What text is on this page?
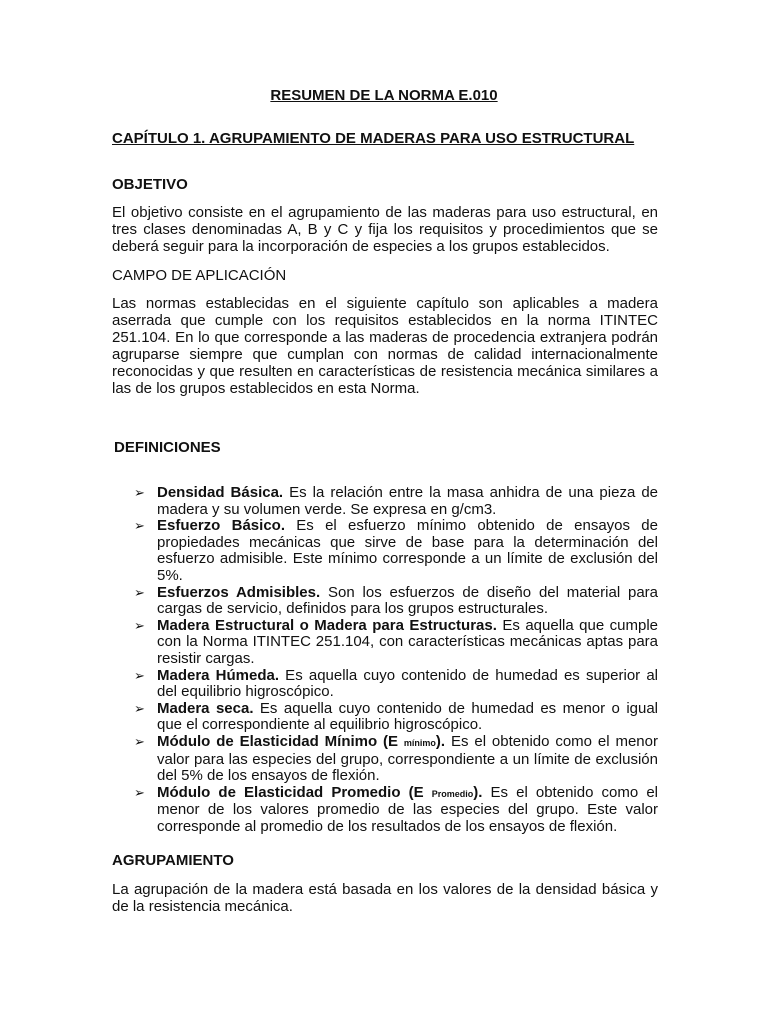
RESUMEN DE LA NORMA E.010
CAPÍTULO 1. AGRUPAMIENTO DE MADERAS PARA USO ESTRUCTURAL
OBJETIVO
El objetivo consiste en el agrupamiento de las maderas para uso estructural, en tres clases denominadas A, B y C y fija los requisitos y procedimientos que se deberá seguir para la incorporación de especies a los grupos establecidos.
CAMPO DE APLICACIÓN
Las normas establecidas en el siguiente capítulo son aplicables a madera aserrada que cumple con los requisitos establecidos en la norma ITINTEC 251.104. En lo que corresponde a las maderas de procedencia extranjera podrán agruparse siempre que cumplan con normas de calidad internacionalmente reconocidas y que resulten en características de resistencia mecánica similares a las de los grupos establecidos en esta Norma.
DEFINICIONES
➢ Densidad Básica. Es la relación entre la masa anhidra de una pieza de madera y su volumen verde. Se expresa en g/cm3.
➢ Esfuerzo Básico. Es el esfuerzo mínimo obtenido de ensayos de propiedades mecánicas que sirve de base para la determinación del esfuerzo admisible. Este mínimo corresponde a un límite de exclusión del 5%.
➢ Esfuerzos Admisibles. Son los esfuerzos de diseño del material para cargas de servicio, definidos para los grupos estructurales.
➢ Madera Estructural o Madera para Estructuras. Es aquella que cumple con la Norma ITINTEC 251.104, con características mecánicas aptas para resistir cargas.
➢ Madera Húmeda. Es aquella cuyo contenido de humedad es superior al del equilibrio higroscópico.
➢ Madera seca. Es aquella cuyo contenido de humedad es menor o igual que el correspondiente al equilibrio higroscópico.
➢ Módulo de Elasticidad Mínimo (E mínimo). Es el obtenido como el menor valor para las especies del grupo, correspondiente a un límite de exclusión del 5% de los ensayos de flexión.
➢ Módulo de Elasticidad Promedio (E Promedio). Es el obtenido como el menor de los valores promedio de las especies del grupo. Este valor corresponde al promedio de los resultados de los ensayos de flexión.
AGRUPAMIENTO
La agrupación de la madera está basada en los valores de la densidad básica y de la resistencia mecánica.
